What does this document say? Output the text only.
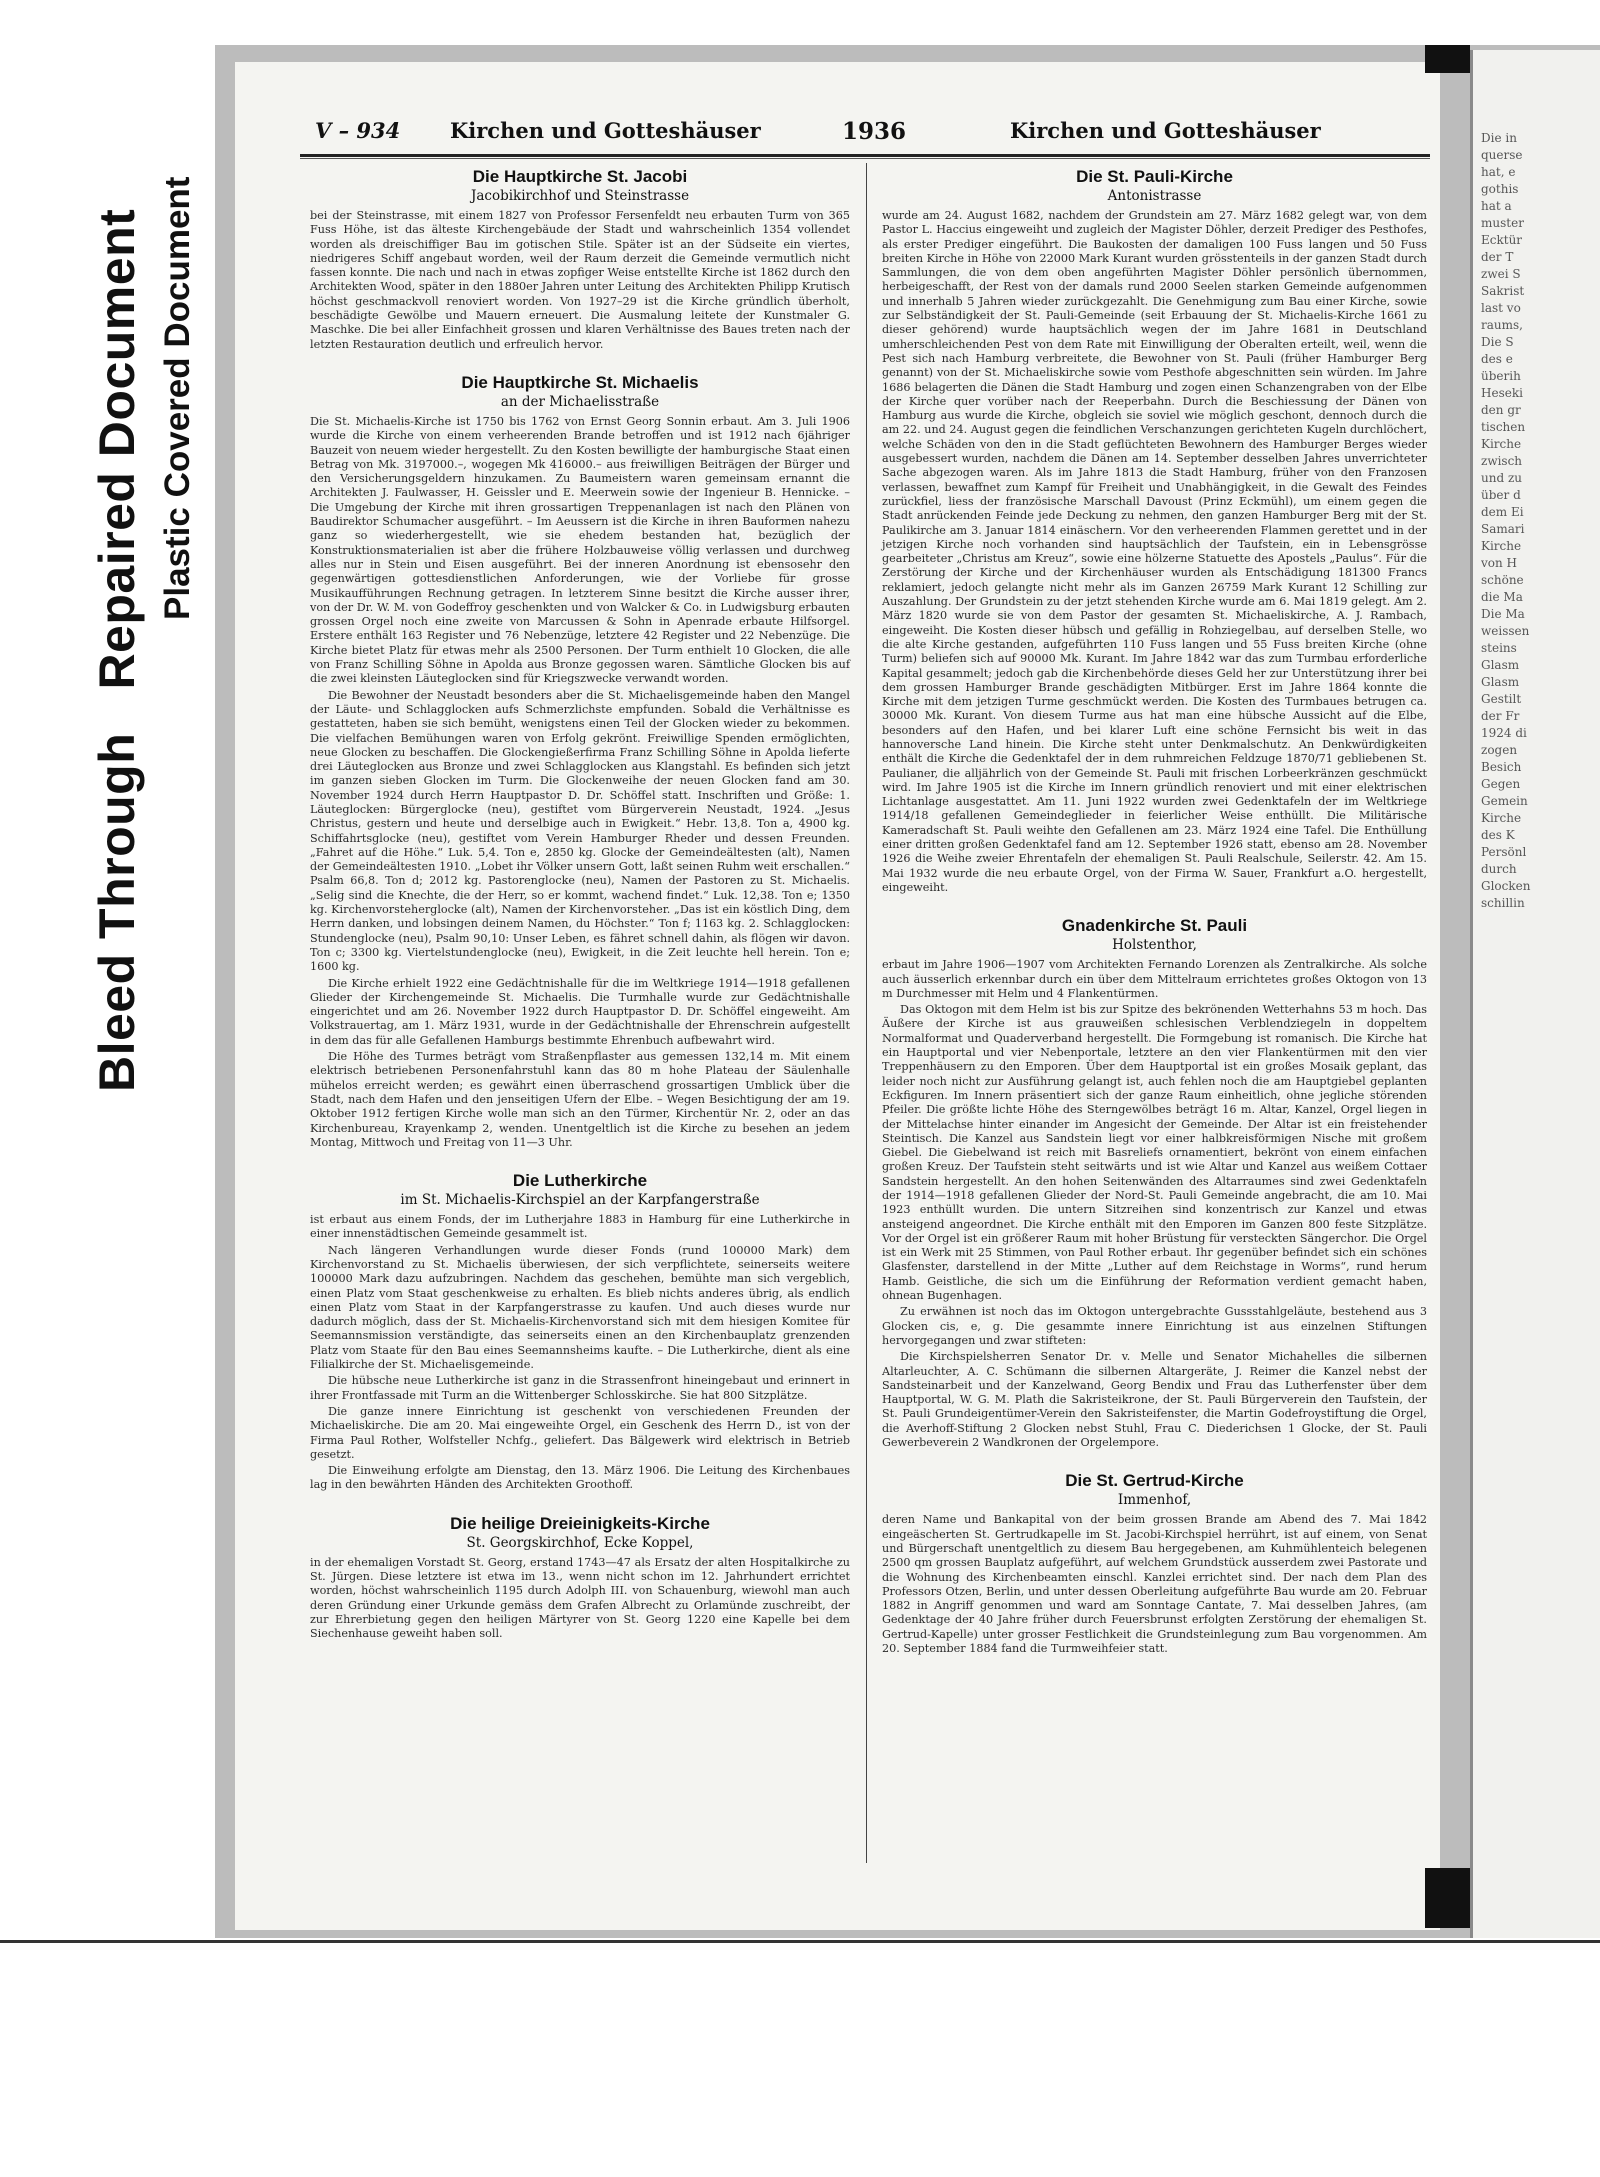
Die in
querse
hat, e
gothis
hat a
muster
Ecktür
der T
zwei S
Sakrist
last vo
raums,
Die S
des e
überih
Heseki
den gr
tischen
Kirche
zwisch
und zu
über d
dem Ei
Samari
Kirche
von H
schöne
die Ma
Die Ma
weissen
steins
Glasm
Glasm
Gestilt
der Fr
1924 di
zogen
Besich
Gegen
Gemein
Kirche
des K
Persönl
durch
Glocken
schillin
Bleed Through   Repaired Document Plastic Covered Document
V – 934 Kirchen und Gotteshäuser	1936	Kirchen und Gotteshäuser
Die Hauptkirche St. Jacobi
Jacobikirchhof und Steinstrasse

bei der Steinstrasse, mit einem 1827 von Professor Fersenfeldt neu erbauten Turm von 365 Fuss Höhe, ist das älteste Kirchengebäude der Stadt und wahrscheinlich 1354 vollendet worden als dreischiffiger Bau im gotischen Stile. Später ist an der Südseite ein viertes, niedrigeres Schiff angebaut worden, weil der Raum derzeit die Gemeinde vermutlich nicht fassen konnte. Die nach und nach in etwas zopfiger Weise entstellte Kirche ist 1862 durch den Architekten Wood, später in den 1880er Jahren unter Leitung des Architekten Philipp Krutisch höchst geschmackvoll renoviert worden. Von 1927–29 ist die Kirche gründlich überholt, beschädigte Gewölbe und Mauern erneuert. Die Ausmalung leitete der Kunstmaler G. Maschke. Die bei aller Einfachheit grossen und klaren Verhältnisse des Baues treten nach der letzten Restauration deutlich und erfreulich hervor.

Die Hauptkirche St. Michaelis
an der Michaelisstraße

Die St. Michaelis-Kirche ist 1750 bis 1762 von Ernst Georg Sonnin erbaut. Am 3. Juli 1906 wurde die Kirche von einem verheerenden Brande betroffen und ist 1912 nach 6jähriger Bauzeit von neuem wieder hergestellt. Zu den Kosten bewilligte der hamburgische Staat einen Betrag von Mk. 3197000.–, wogegen Mk 416000.– aus freiwilligen Beiträgen der Bürger und den Versicherungsgeldern hinzukamen. Zu Baumeistern waren gemeinsam ernannt die Architekten J. Faulwasser, H. Geissler und E. Meerwein sowie der Ingenieur B. Hennicke. – Die Umgebung der Kirche mit ihren grossartigen Treppenanlagen ist nach den Plänen von Baudirektor Schumacher ausgeführt. – Im Aeussern ist die Kirche in ihren Bauformen nahezu ganz so wiederhergestellt, wie sie ehedem bestanden hat, bezüglich der Konstruktionsmaterialien ist aber die frühere Holzbauweise völlig verlassen und durchweg alles nur in Stein und Eisen ausgeführt. Bei der inneren Anordnung ist ebensosehr den gegenwärtigen gottesdienstlichen Anforderungen, wie der Vorliebe für grosse Musikaufführungen Rechnung getragen. In letzterem Sinne besitzt die Kirche ausser ihrer, von der Dr. W. M. von Godeffroy geschenkten und von Walcker & Co. in Ludwigsburg erbauten grossen Orgel noch eine zweite von Marcussen & Sohn in Apenrade erbaute Hilfsorgel. Erstere enthält 163 Register und 76 Nebenzüge, letztere 42 Register und 22 Nebenzüge. Die Kirche bietet Platz für etwas mehr als 2500 Personen. Der Turm enthielt 10 Glocken, die alle von Franz Schilling Söhne in Apolda aus Bronze gegossen waren. Sämtliche Glocken bis auf die zwei kleinsten Läuteglocken sind für Kriegszwecke verwandt worden.

Die Bewohner der Neustadt besonders aber die St. Michaelisgemeinde haben den Mangel der Läute- und Schlagglocken aufs Schmerzlichste empfunden. Sobald die Verhältnisse es gestatteten, haben sie sich bemüht, wenigstens einen Teil der Glocken wieder zu bekommen. Die vielfachen Bemühungen waren von Erfolg gekrönt. Freiwillige Spenden ermöglichten, neue Glocken zu beschaffen. Die Glockengießerfirma Franz Schilling Söhne in Apolda lieferte drei Läuteglocken aus Bronze und zwei Schlagglocken aus Klangstahl. Es befinden sich jetzt im ganzen sieben Glocken im Turm. Die Glockenweihe der neuen Glocken fand am 30. November 1924 durch Herrn Hauptpastor D. Dr. Schöffel statt. Inschriften und Größe: 1. Läuteglocken: Bürgerglocke (neu), gestiftet vom Bürgerverein Neustadt, 1924. „Jesus Christus, gestern und heute und derselbige auch in Ewigkeit.“ Hebr. 13,8. Ton a, 4900 kg. Schiffahrtsglocke (neu), gestiftet vom Verein Hamburger Rheder und dessen Freunden. „Fahret auf die Höhe.“ Luk. 5,4. Ton e, 2850 kg. Glocke der Gemeindeältesten (alt), Namen der Gemeindeältesten 1910. „Lobet ihr Völker unsern Gott, laßt seinen Ruhm weit erschallen.“ Psalm 66,8. Ton d; 2012 kg. Pastorenglocke (neu), Namen der Pastoren zu St. Michaelis. „Selig sind die Knechte, die der Herr, so er kommt, wachend findet.“ Luk. 12,38. Ton e; 1350 kg. Kirchenvorsteherglocke (alt), Namen der Kirchenvorsteher. „Das ist ein köstlich Ding, dem Herrn danken, und lobsingen deinem Namen, du Höchster.“ Ton f; 1163 kg. 2. Schlagglocken: Stundenglocke (neu), Psalm 90,10: Unser Leben, es fähret schnell dahin, als flögen wir davon. Ton c; 3300 kg. Viertelstundenglocke (neu), Ewigkeit, in die Zeit leuchte hell herein. Ton e; 1600 kg.

Die Kirche erhielt 1922 eine Gedächtnishalle für die im Weltkriege 1914—1918 gefallenen Glieder der Kirchengemeinde St. Michaelis. Die Turmhalle wurde zur Gedächtnishalle eingerichtet und am 26. November 1922 durch Hauptpastor D. Dr. Schöffel eingeweiht. Am Volkstrauertag, am 1. März 1931, wurde in der Gedächtnishalle der Ehrenschrein aufgestellt in dem das für alle Gefallenen Hamburgs bestimmte Ehrenbuch aufbewahrt wird.

Die Höhe des Turmes beträgt vom Straßenpflaster aus gemessen 132,14 m. Mit einem elektrisch betriebenen Personenfahrstuhl kann das 80 m hohe Plateau der Säulenhalle mühelos erreicht werden; es gewährt einen überraschend grossartigen Umblick über die Stadt, nach dem Hafen und den jenseitigen Ufern der Elbe. – Wegen Besichtigung der am 19. Oktober 1912 fertigen Kirche wolle man sich an den Türmer, Kirchentür Nr. 2, oder an das Kirchenbureau, Krayenkamp 2, wenden. Unentgeltlich ist die Kirche zu besehen an jedem Montag, Mittwoch und Freitag von 11—3 Uhr.

Die Lutherkirche
im St. Michaelis-Kirchspiel an der Karpfangerstraße

ist erbaut aus einem Fonds, der im Lutherjahre 1883 in Hamburg für eine Lutherkirche in einer innenstädtischen Gemeinde gesammelt ist.

Nach längeren Verhandlungen wurde dieser Fonds (rund 100000 Mark) dem Kirchenvorstand zu St. Michaelis überwiesen, der sich verpflichtete, seinerseits weitere 100000 Mark dazu aufzubringen. Nachdem das geschehen, bemühte man sich vergeblich, einen Platz vom Staat geschenkweise zu erhalten. Es blieb nichts anderes übrig, als endlich einen Platz vom Staat in der Karpfangerstrasse zu kaufen. Und auch dieses wurde nur dadurch möglich, dass der St. Michaelis-Kirchenvorstand sich mit dem hiesigen Komitee für Seemannsmission verständigte, das seinerseits einen an den Kirchenbauplatz grenzenden Platz vom Staate für den Bau eines Seemannsheims kaufte. – Die Lutherkirche, dient als eine Filialkirche der St. Michaelisgemeinde.

Die hübsche neue Lutherkirche ist ganz in die Strassenfront hineingebaut und erinnert in ihrer Frontfassade mit Turm an die Wittenberger Schlosskirche. Sie hat 800 Sitzplätze.

Die ganze innere Einrichtung ist geschenkt von verschiedenen Freunden der Michaeliskirche. Die am 20. Mai eingeweihte Orgel, ein Geschenk des Herrn D., ist von der Firma Paul Rother, Wolfsteller Nchfg., geliefert. Das Bälgewerk wird elektrisch in Betrieb gesetzt.

Die Einweihung erfolgte am Dienstag, den 13. März 1906. Die Leitung des Kirchenbaues lag in den bewährten Händen des Architekten Groothoff.

Die heilige Dreieinigkeits-Kirche
St. Georgskirchhof, Ecke Koppel,

in der ehemaligen Vorstadt St. Georg, erstand 1743—47 als Ersatz der alten Hospitalkirche zu St. Jürgen. Diese letztere ist etwa im 13., wenn nicht schon im 12. Jahrhundert errichtet worden, höchst wahrscheinlich 1195 durch Adolph III. von Schauenburg, wiewohl man auch deren Gründung einer Urkunde gemäss dem Grafen Albrecht zu Orlamünde zuschreibt, der zur Ehrerbietung gegen den heiligen Märtyrer von St. Georg 1220 eine Kapelle bei dem Siechenhause geweiht haben soll.

Die St. Pauli-Kirche
Antonistrasse

wurde am 24. August 1682, nachdem der Grundstein am 27. März 1682 gelegt war, von dem Pastor L. Haccius eingeweiht und zugleich der Magister Döhler, derzeit Prediger des Pesthofes, als erster Prediger eingeführt. Die Baukosten der damaligen 100 Fuss langen und 50 Fuss breiten Kirche in Höhe von 22000 Mark Kurant wurden grösstenteils in der ganzen Stadt durch Sammlungen, die von dem oben angeführten Magister Döhler persönlich übernommen, herbeigeschafft, der Rest von der damals rund 2000 Seelen starken Gemeinde aufgenommen und innerhalb 5 Jahren wieder zurückgezahlt. Die Genehmigung zum Bau einer Kirche, sowie zur Selbständigkeit der St. Pauli-Gemeinde (seit Erbauung der St. Michaelis-Kirche 1661 zu dieser gehörend) wurde hauptsächlich wegen der im Jahre 1681 in Deutschland umherschleichenden Pest von dem Rate mit Einwilligung der Oberalten erteilt, weil, wenn die Pest sich nach Hamburg verbreitete, die Bewohner von St. Pauli (früher Hamburger Berg genannt) von der St. Michaeliskirche sowie vom Pesthofe abgeschnitten sein würden. Im Jahre 1686 belagerten die Dänen die Stadt Hamburg und zogen einen Schanzengraben von der Elbe der Kirche quer vorüber nach der Reeperbahn. Durch die Beschiessung der Dänen von Hamburg aus wurde die Kirche, obgleich sie soviel wie möglich geschont, dennoch durch die am 22. und 24. August gegen die feindlichen Verschanzungen gerichteten Kugeln durchlöchert, welche Schäden von den in die Stadt geflüchteten Bewohnern des Hamburger Berges wieder ausgebessert wurden, nachdem die Dänen am 14. September desselben Jahres unverrichteter Sache abgezogen waren. Als im Jahre 1813 die Stadt Hamburg, früher von den Franzosen verlassen, bewaffnet zum Kampf für Freiheit und Unabhängigkeit, in die Gewalt des Feindes zurückfiel, liess der französische Marschall Davoust (Prinz Eckmühl), um einem gegen die Stadt anrückenden Feinde jede Deckung zu nehmen, den ganzen Hamburger Berg mit der St. Paulikirche am 3. Januar 1814 einäschern. Vor den verheerenden Flammen gerettet und in der jetzigen Kirche noch vorhanden sind hauptsächlich der Taufstein, ein in Lebensgrösse gearbeiteter „Christus am Kreuz“, sowie eine hölzerne Statuette des Apostels „Paulus“. Für die Zerstörung der Kirche und der Kirchenhäuser wurden als Entschädigung 181300 Francs reklamiert, jedoch gelangte nicht mehr als im Ganzen 26759 Mark Kurant 12 Schilling zur Auszahlung. Der Grundstein zu der jetzt stehenden Kirche wurde am 6. Mai 1819 gelegt. Am 2. März 1820 wurde sie von dem Pastor der gesamten St. Michaeliskirche, A. J. Rambach, eingeweiht. Die Kosten dieser hübsch und gefällig in Rohziegelbau, auf derselben Stelle, wo die alte Kirche gestanden, aufgeführten 110 Fuss langen und 55 Fuss breiten Kirche (ohne Turm) beliefen sich auf 90000 Mk. Kurant. Im Jahre 1842 war das zum Turmbau erforderliche Kapital gesammelt; jedoch gab die Kirchenbehörde dieses Geld her zur Unterstützung ihrer bei dem grossen Hamburger Brande geschädigten Mitbürger. Erst im Jahre 1864 konnte die Kirche mit dem jetzigen Turme geschmückt werden. Die Kosten des Turmbaues betrugen ca. 30000 Mk. Kurant. Von diesem Turme aus hat man eine hübsche Aussicht auf die Elbe, besonders auf den Hafen, und bei klarer Luft eine schöne Fernsicht bis weit in das hannoversche Land hinein. Die Kirche steht unter Denkmalschutz. An Denkwürdigkeiten enthält die Kirche die Gedenktafel der in dem ruhmreichen Feldzuge 1870/71 gebliebenen St. Paulianer, die alljährlich von der Gemeinde St. Pauli mit frischen Lorbeerkränzen geschmückt wird. Im Jahre 1905 ist die Kirche im Innern gründlich renoviert und mit einer elektrischen Lichtanlage ausgestattet. Am 11. Juni 1922 wurden zwei Gedenktafeln der im Weltkriege 1914/18 gefallenen Gemeindeglieder in feierlicher Weise enthüllt. Die Militärische Kameradschaft St. Pauli weihte den Gefallenen am 23. März 1924 eine Tafel. Die Enthüllung einer dritten großen Gedenktafel fand am 12. September 1926 statt, ebenso am 28. November 1926 die Weihe zweier Ehrentafeln der ehemaligen St. Pauli Realschule, Seilerstr. 42. Am 15. Mai 1932 wurde die neu erbaute Orgel, von der Firma W. Sauer, Frankfurt a.O. hergestellt, eingeweiht.

Gnadenkirche St. Pauli
Holstenthor,

erbaut im Jahre 1906—1907 vom Architekten Fernando Lorenzen als Zentralkirche. Als solche auch äusserlich erkennbar durch ein über dem Mittelraum errichtetes großes Oktogon von 13 m Durchmesser mit Helm und 4 Flankentürmen.

Das Oktogon mit dem Helm ist bis zur Spitze des bekrönenden Wetterhahns 53 m hoch. Das Äußere der Kirche ist aus grauweißen schlesischen Verblendziegeln in doppeltem Normalformat und Quaderverband hergestellt. Die Formgebung ist romanisch. Die Kirche hat ein Hauptportal und vier Nebenportale, letztere an den vier Flankentürmen mit den vier Treppenhäusern zu den Emporen. Über dem Hauptportal ist ein großes Mosaik geplant, das leider noch nicht zur Ausführung gelangt ist, auch fehlen noch die am Hauptgiebel geplanten Eckfiguren. Im Innern präsentiert sich der ganze Raum einheitlich, ohne jegliche störenden Pfeiler. Die größte lichte Höhe des Sterngewölbes beträgt 16 m. Altar, Kanzel, Orgel liegen in der Mittelachse hinter einander im Angesicht der Gemeinde. Der Altar ist ein freistehender Steintisch. Die Kanzel aus Sandstein liegt vor einer halbkreisförmigen Nische mit großem Giebel. Die Giebelwand ist reich mit Basreliefs ornamentiert, bekrönt von einem einfachen großen Kreuz. Der Taufstein steht seitwärts und ist wie Altar und Kanzel aus weißem Cottaer Sandstein hergestellt. An den hohen Seitenwänden des Altarraumes sind zwei Gedenktafeln der 1914—1918 gefallenen Glieder der Nord-St. Pauli Gemeinde angebracht, die am 10. Mai 1923 enthüllt wurden. Die untern Sitzreihen sind konzentrisch zur Kanzel und etwas ansteigend angeordnet. Die Kirche enthält mit den Emporen im Ganzen 800 feste Sitzplätze. Vor der Orgel ist ein größerer Raum mit hoher Brüstung für versteckten Sängerchor. Die Orgel ist ein Werk mit 25 Stimmen, von Paul Rother erbaut. Ihr gegenüber befindet sich ein schönes Glasfenster, darstellend in der Mitte „Luther auf dem Reichstage in Worms“, rund herum Hamb. Geistliche, die sich um die Einführung der Reformation verdient gemacht haben, ohnean Bugenhagen.

Zu erwähnen ist noch das im Oktogon untergebrachte Gussstahlgeläute, bestehend aus 3 Glocken cis, e, g. Die gesammte innere Einrichtung ist aus einzelnen Stiftungen hervorgegangen und zwar stifteten:

Die Kirchspielsherren Senator Dr. v. Melle und Senator Michahelles die silbernen Altarleuchter, A. C. Schümann die silbernen Altargeräte, J. Reimer die Kanzel nebst der Sandsteinarbeit und der Kanzelwand, Georg Bendix und Frau das Lutherfenster über dem Hauptportal, W. G. M. Plath die Sakristeikrone, der St. Pauli Bürgerverein den Taufstein, der St. Pauli Grundeigentümer-Verein den Sakristeifenster, die Martin Godefroystiftung die Orgel, die Averhoff-Stiftung 2 Glocken nebst Stuhl, Frau C. Diederichsen 1 Glocke, der St. Pauli Gewerbeverein 2 Wandkronen der Orgelempore.

Die St. Gertrud-Kirche
Immenhof,

deren Name und Bankapital von der beim grossen Brande am Abend des 7. Mai 1842 eingeäscherten St. Gertrudkapelle im St. Jacobi-Kirchspiel herrührt, ist auf einem, von Senat und Bürgerschaft unentgeltlich zu diesem Bau hergegebenen, am Kuhmühlenteich belegenen 2500 qm grossen Bauplatz aufgeführt, auf welchem Grundstück ausserdem zwei Pastorate und die Wohnung des Kirchenbeamten einschl. Kanzlei errichtet sind. Der nach dem Plan des Professors Otzen, Berlin, und unter dessen Oberleitung aufgeführte Bau wurde am 20. Februar 1882 in Angriff genommen und ward am Sonntage Cantate, 7. Mai desselben Jahres, (am Gedenktage der 40 Jahre früher durch Feuersbrunst erfolgten Zerstörung der ehemaligen St. Gertrud-Kapelle) unter grosser Festlichkeit die Grundsteinlegung zum Bau vorgenommen. Am 20. September 1884 fand die Turmweihfeier statt.
